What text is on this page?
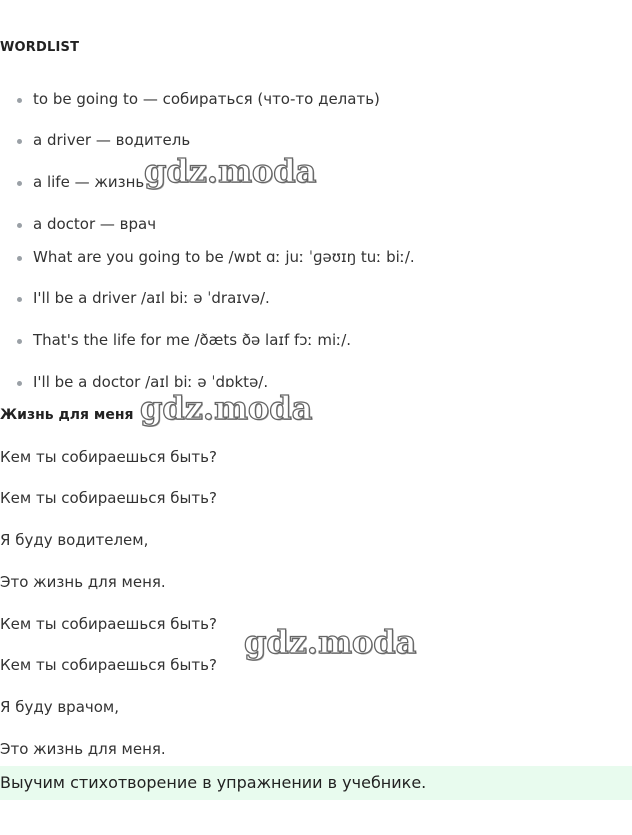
WORDLIST
to be going to — собираться (что-то делать)
a driver — водитель
a life — жизнь
a doctor — врач
What are you going to be /wɒt ɑː juː ˈɡəʊɪŋ tuː biː/.
I'll be a driver /aɪl biː ə ˈdraɪvə/.
That's the life for me /ðæts ðə laɪf fɔː miː/.
I'll be a doctor /aɪl biː ə ˈdɒktə/.
Жизнь для меня
Кем ты собираешься быть?
Кем ты собираешься быть?
Я буду водителем,
Это жизнь для меня.
Кем ты собираешься быть?
Кем ты собираешься быть?
Я буду врачом,
Это жизнь для меня.
Выучим стихотворение в упражнении в учебнике.
gdz.moda
gdz.moda
gdz.moda
